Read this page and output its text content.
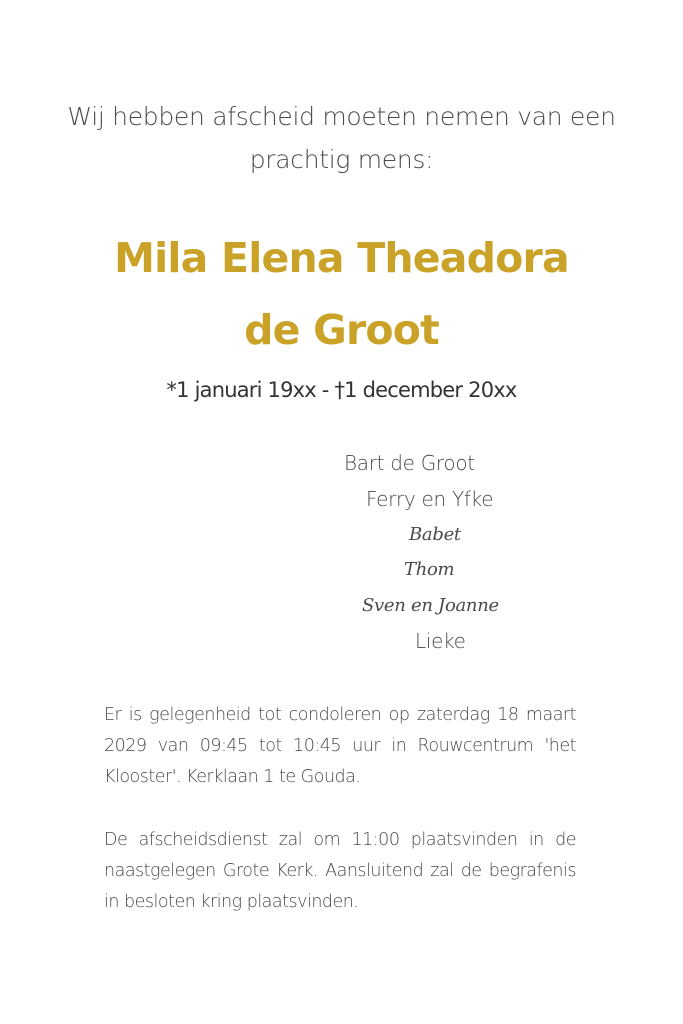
Wij hebben afscheid moeten nemen van een
prachtig mens:
Mila Elena Theadora
de Groot
*1 januari 19xx - †1 december 20xx
Bart de Groot
Ferry en Yfke
Babet
Thom
Sven en Joanne
Lieke
Er is gelegenheid tot condoleren op zaterdag 18 maart 2029 van 09:45 tot 10:45 uur in Rouwcentrum 'het Klooster'. Kerklaan 1 te Gouda.
De afscheidsdienst zal om 11:00 plaatsvinden in de naastgelegen Grote Kerk. Aansluitend zal de begrafenis in besloten kring plaatsvinden.
